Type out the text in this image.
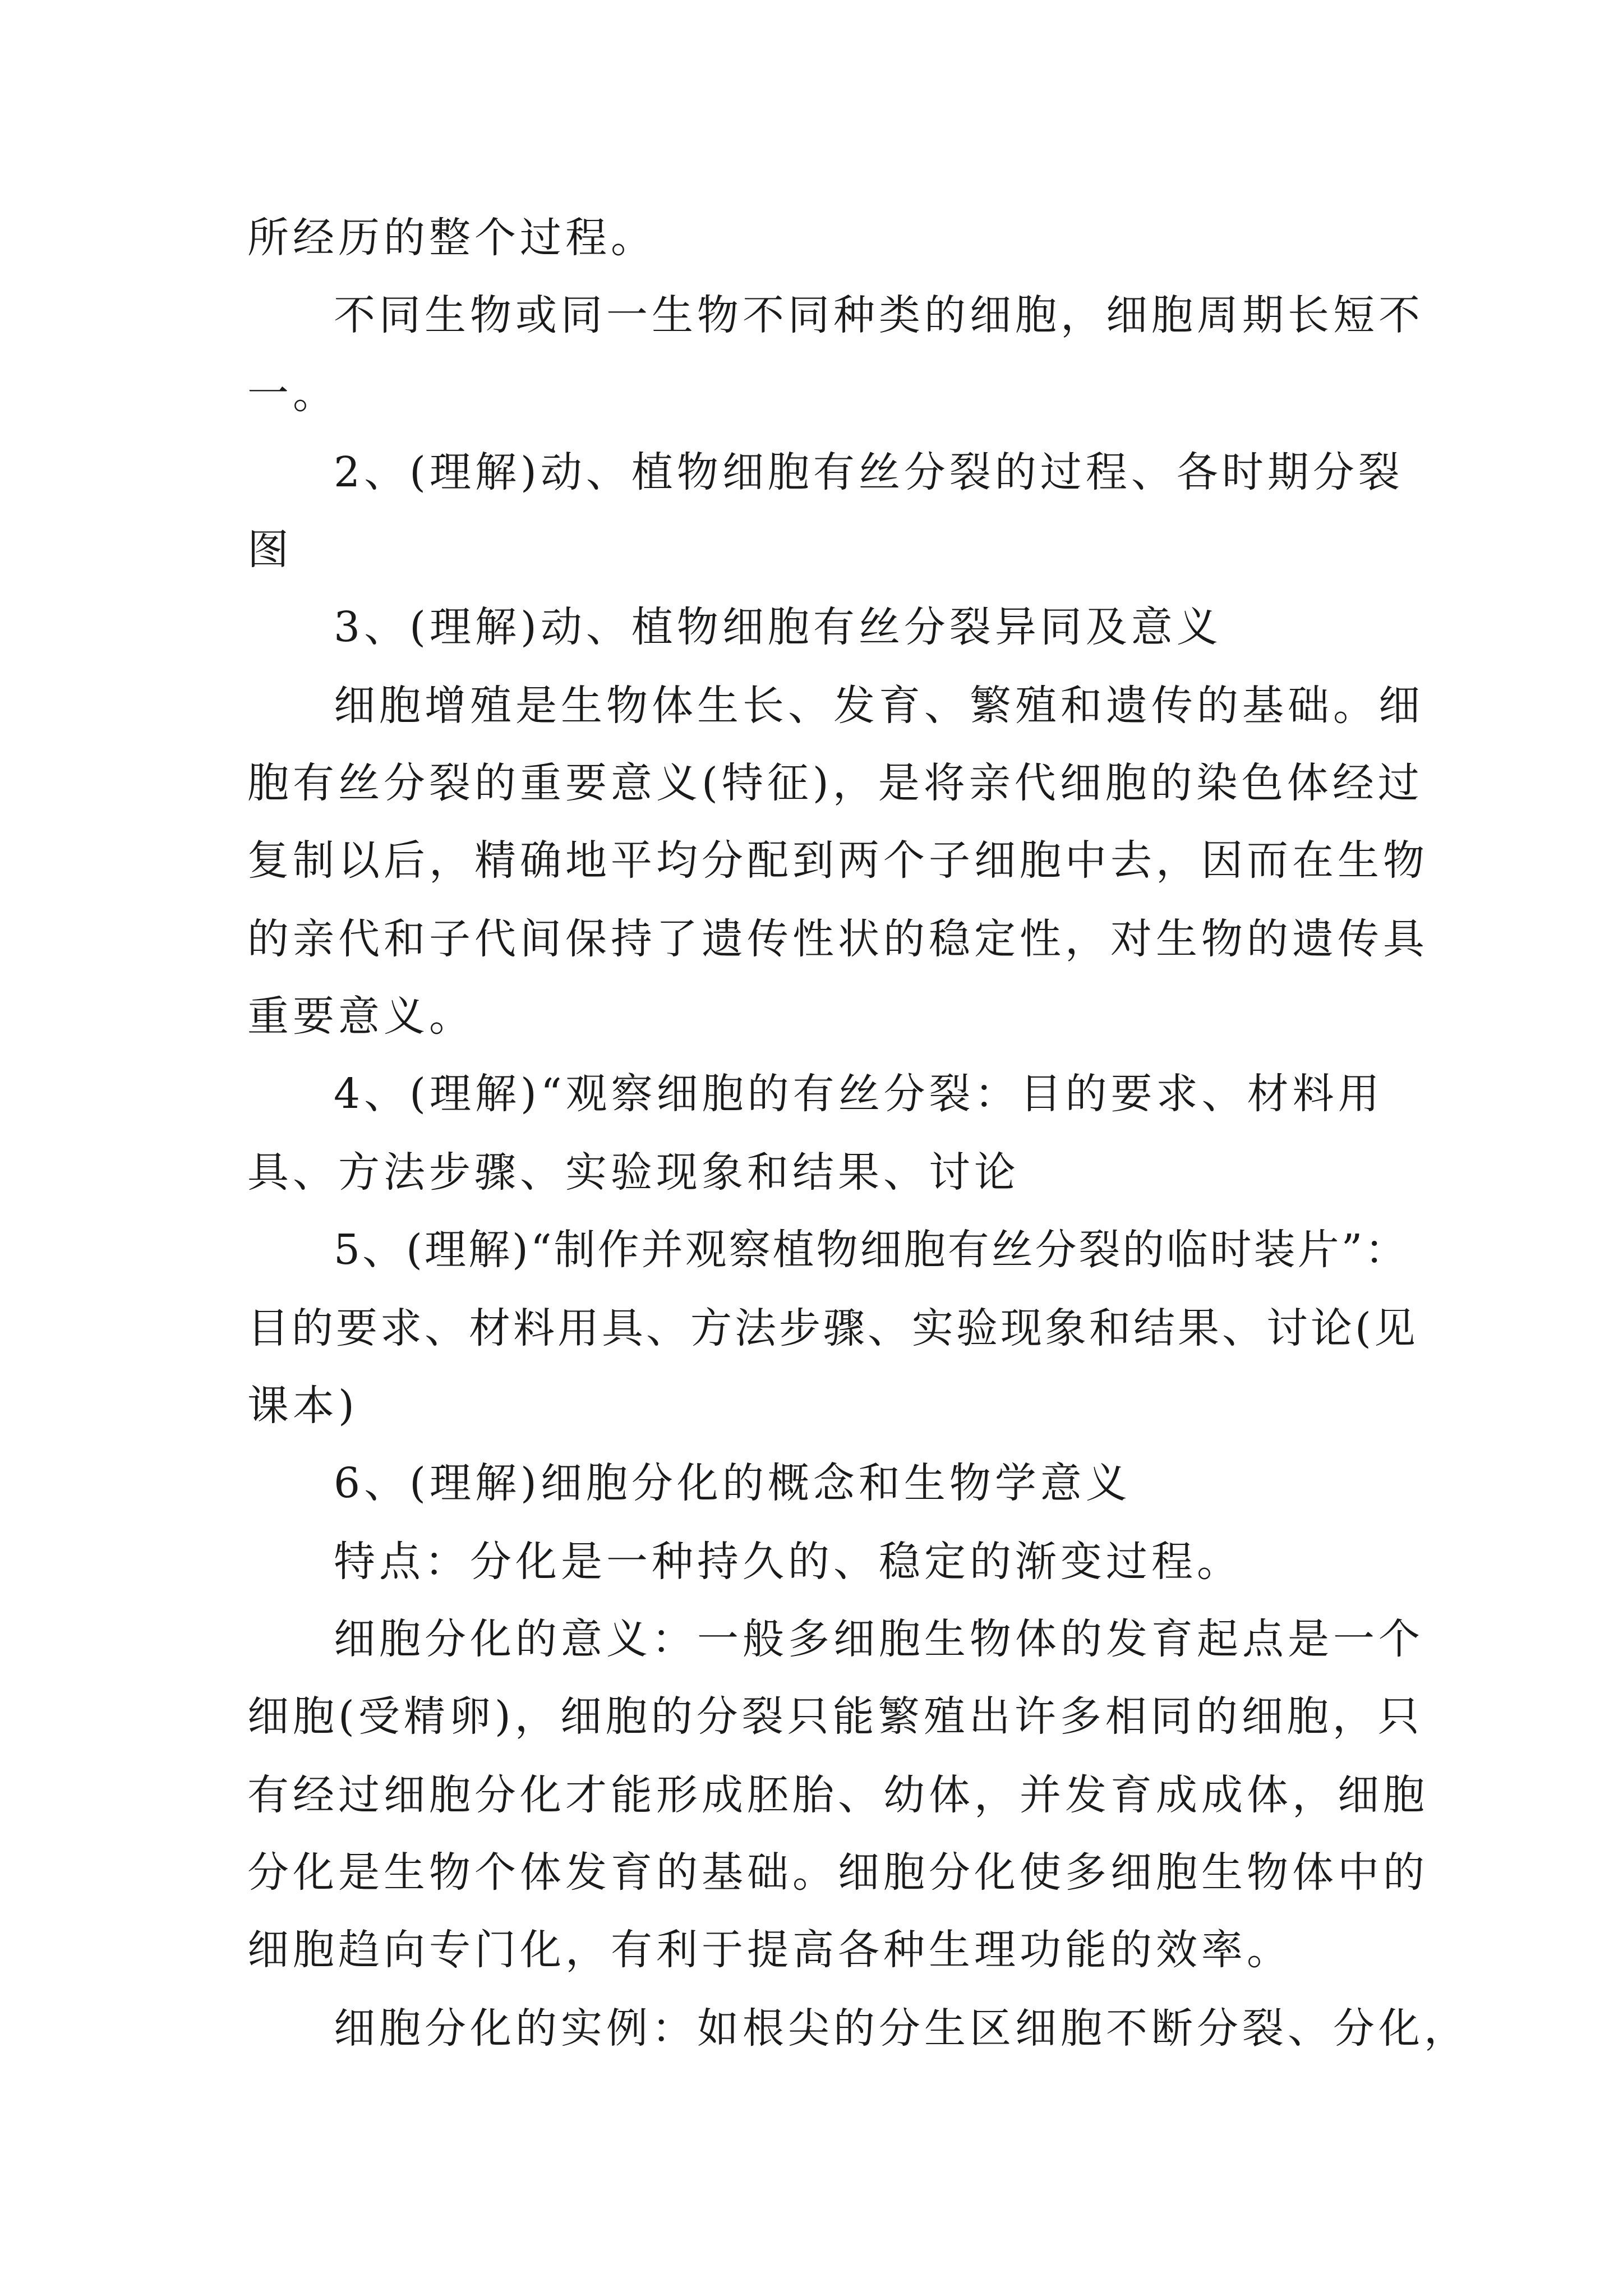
所经历的整个过程。
不同生物或同一生物不同种类的细胞，细胞周期长短不
一。
2、(理解)动、植物细胞有丝分裂的过程、各时期分裂
图
3、(理解)动、植物细胞有丝分裂异同及意义
细胞增殖是生物体生长、发育、繁殖和遗传的基础。细
胞有丝分裂的重要意义(特征)，是将亲代细胞的染色体经过
复制以后，精确地平均分配到两个子细胞中去，因而在生物
的亲代和子代间保持了遗传性状的稳定性，对生物的遗传具
重要意义。
4、(理解)“观察细胞的有丝分裂：目的要求、材料用
具、方法步骤、实验现象和结果、讨论
5、(理解)“制作并观察植物细胞有丝分裂的临时装片”：
目的要求、材料用具、方法步骤、实验现象和结果、讨论(见
课本)
6、(理解)细胞分化的概念和生物学意义
特点：分化是一种持久的、稳定的渐变过程。
细胞分化的意义：一般多细胞生物体的发育起点是一个
细胞(受精卵)，细胞的分裂只能繁殖出许多相同的细胞，只
有经过细胞分化才能形成胚胎、幼体，并发育成成体，细胞
分化是生物个体发育的基础。细胞分化使多细胞生物体中的
细胞趋向专门化，有利于提高各种生理功能的效率。
细胞分化的实例：如根尖的分生区细胞不断分裂、分化，
